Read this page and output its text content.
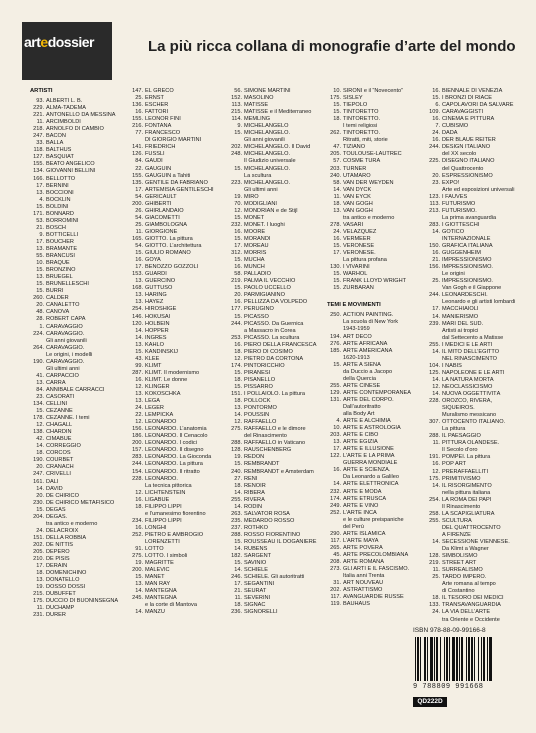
artedossier	La più ricca collana di monografie d’arte del mondo
ARTISTI
93. ALBERTI L. B.
229. ALMA-TADEMA
221. ANTONELLO DA MESSINA
11. ARCIMBOLDI
218. ARNOLFO DI CAMBIO
247. BACON
33. BALLA
118. BALTHUS
127. BASQUIAT
155. BEATO ANGELICO
134. GIOVANNI BELLINI
166. BELLOTTO
17. BERNINI
13. BOCCIONI
4. BÖCKLIN
15. BOLDINI
171. BONNARD
53. BORROMINI
21. BOSCH
9. BOTTICELLI
17. BOUCHER
13. BRAMANTE
55. BRANCUSI
10. BRAQUE
15. BRONZINO
13. BRUEGEL
15. BRUNELLESCHI
15. BURRI
260. CALDER
20. CANALETTO
48. CANOVA
28. ROBERT CAPA
1. CARAVAGGIO
224. CARAVAGGIO.
Gli anni giovanili
264. CARAVAGGIO.
Le origini, i modelli
190. CARAVAGGIO.
Gli ultimi anni
41. CARPACCIO
13. CARRÀ
84. ANNIBALE CARRACCI
23. CASORATI
134. CELLINI
15. CÉZANNE
178. CÉZANNE. I temi
12. CHAGALL
138. CHARDIN
42. CIMABUE
14. CORREGGIO
18. CORCOS
190. COURBET
20. CRANACH
247. CRIVELLI
161. DALÍ
14. DAVID
20. DE CHIRICO
230. DE CHIRICO METAFISICO
15. DEGAS
204. DEGAS.
tra antico e moderno
24. DELACROIX
151. DELLA ROBBIA
202. DE NITTIS
205. DEPERO
210. DE PISIS
17. DERAIN
18. DOMENICHINO
13. DONATELLO
19. DOSSO DOSSI
215. DUBUFFET
175. DUCCIO DI BUONINSEGNA
11. DUCHAMP
231. DÜRER
147. EL GRECO
25. ERNST
136. ESCHER
16. FATTORI
155. LEONOR FINI
216. FONTANA
77. FRANCESCO
DI GIORGIO MARTINI
141. FRIEDRICH
126. FÜSSLI
84. GAUDÍ
22. GAUGUIN
155. GAUGUIN a Tahiti
135. GENTILE DA FABRIANO
17. ARTEMISIA GENTILESCHI
54. GÉRICAULT
200. GHIBERTI
26. GHIRLANDAIO
54. GIACOMETTI
25. GIAMBOLOGNA
11. GIORGIONE
165. GIOTTO. La pittura
54. GIOTTO. L’architettura
15. GIULIO ROMANO
16. GOYA
17. BENOZZO GOZZOLI
153. GUARDI
13. GUERCINO
168. GUTTUSO
13. HARING
13. HAYEZ
254. HIROSHIGE
146. HOKUSAI
120. HOLBEIN
14. HOPPER
14. INGRES
13. KAHLO
15. KANDINSKIJ
43. KLEE
99. KLIMT
287. KLIMT. Il modernismo
16. KLIMT. Le donne
12. KLINGER
13. KOKOSCHKA
13. LEGA
24. LÉGER
22. LEMPICKA
12. LEONARDO
156. LEONARDO. L’anatomia
186. LEONARDO. Il Cenacolo
200. LEONARDO. I codici
157. LEONARDO. Il disegno
283. LEONARDO. La Gioconda
244. LEONARDO. La pittura
154. LEONARDO. Il ritratto
228. LEONARDO.
La tecnica pittorica
12. LICHTENSTEIN
16. LIGABUE
18. FILIPPO LIPPI
e l’umanesimo fiorentino
234. FILIPPO LIPPI
16. LONGHI
252. PIETRO E AMBROGIO
LORENZETTI
91. LOTTO
275. LOTTO. I simboli
19. MAGRITTE
200. MALEVIČ
15. MANET
13. MAN RAY
14. MANTEGNA
245. MANTEGNA
e la corte di Mantova
14. MANZÙ
56. SIMONE MARTINI
152. MASOLINO
113. MATISSE
215. MATISSE e il Mediterraneo
114. MEMLING
9. MICHELANGELO
15. MICHELANGELO.
Gli anni giovanili
202. MICHELANGELO. Il David
248. MICHELANGELO.
Il Giudizio universale
15. MICHELANGELO.
La scultura
223. MICHELANGELO.
Gli ultimi anni
19. MIRÓ
70. MODIGLIANI
12. MONDRIAN e de Stijl
15. MONET
232. MONET. I luoghi
16. MOORE
15. MORANDI
17. MOREAU
312. MORRIS
15. MUCHA
16. MUNCH
58. PALLADIO
219. PALMA IL VECCHIO
15. PAOLO UCCELLO
20. PARMIGIANINO
16. PELLIZZA DA VOLPEDO
177. PERUGINO
15. PICASSO
244. PICASSO. Da Guernica
a Massacro in Corea
253. PICASSO. La scultura
16. PIERO DELLA FRANCESCA
18. PIERO DI COSIMO
12. PIETRO DA CORTONA
174. PINTORICCHIO
15. PIRANESI
18. PISANELLO
15. PISSARRO
151. I POLLAIOLO. La pittura
18. POLLOCK
13. PONTORMO
14. POUSSIN
12. RAFFAELLO
275. RAFFAELLO e le dimore
del Rinascimento
288. RAFFAELLO in Vaticano
128. RAUSCHENBERG
19. REDON
15. REMBRANDT
240. REMBRANDT e Amsterdam
27. RENI
18. RENOIR
14. RIBERA
255. RIVERA
14. RODIN
263. SALVATOR ROSA
235. MEDARDO ROSSO
237. ROTHKO
288. ROSSO FIORENTINO
15. ROUSSEAU IL DOGANIERE
14. RUBENS
182. SARGENT
15. SAVINIO
14. SCHIELE
246. SCHIELE. Gli autoritratti
17. SEGANTINI
21. SEURAT
11. SEVERINI
18. SIGNAC
236. SIGNORELLI
10. SIRONI e il “Novecento”
175. SISLEY
15. TIEPOLO
15. TINTORETTO
18. TINTORETTO.
I temi religiosi
262. TINTORETTO.
Ritratti, miti, storie
47. TIZIANO
205. TOULOUSE-LAUTREC
57. COSMÈ TURA
203. TURNER
240. UTAMARO
58. VAN DER WEYDEN
14. VAN DYCK
11. VAN EYCK
18. VAN GOGH
13. VAN GOGH
tra antico e moderno
278. VASARI
24. VELÁZQUEZ
16. VERMEER
15. VERONESE
17. VERONESE.
La pittura profana
130. I VIVARINI
15. WARHOL
15. FRANK LLOYD WRIGHT
15. ZURBARÁN
TEMI E MOVIMENTI
250. ACTION PAINTING.
La scuola di New York
1943-1959
194. ART DÉCO
276. ARTE AFRICANA
185. ARTE AMERICANA
1620-1913
15. ARTE A SIENA
da Duccio a Jacopo
della Quercia
255. ARTE CINESE
129. ARTE CONTEMPORANEA
131. ARTE DEL CORPO.
Dall’autoritratto
alla Body Art
4. ARTE E ALCHIMIA
10. ARTE E ASTROLOGIA
203. ARTE E CIBO
13. ARTE EGIZIA
17. ARTE E ILLUSIONE
122. L’ARTE E LA PRIMA
GUERRA MONDIALE
16. ARTE E SCIENZA.
Da Leonardo a Galileo
14. ARTE ELETTRONICA
232. ARTE E MODA
174. ARTE ETRUSCA
249. ARTE E VINO
252. L’ARTE INCA
e le culture preispaniche
del Perù
290. ARTE ISLAMICA
117. L’ARTE MAYA
265. ARTE POVERA
45. ARTE PRECOLOMBIANA
208. ARTE ROMANA
273. GLI ARTI E IL FASCISMO.
Italia anni Trenta
31. ART NOUVEAU
202. ASTRATTISMO
117. AVANGUARDIE RUSSE
119. BAUHAUS
16. BIENNALE DI VENEZIA
15. I BRONZI DI RIACE
6. CAPOLAVORI DA SALVARE
109. CARAVAGGISTI
16. CINEMA E PITTURA
7. CUBISMO
24. DADA
16. DER BLAUE REITER
244. DESIGN ITALIANO
del XX secolo
225. DISEGNO ITALIANO
del Quattrocento
20. ESPRESSIONISMO
23. EXPO!
Arte ed esposizioni universali
123. I FAUVES
113. FUTURISMO
213. FUTURISMO.
La prima avanguardia
283. I GIOTTESCHI
14. GOTICO
INTERNAZIONALE
150. GRAFICA ITALIANA
16. GUGGENHEIM
21. IMPRESSIONISMO
156. IMPRESSIONISMO.
Le origini
25. IMPRESSIONISMO.
Van Gogh e il Giappone
244. LEONARDESCHI.
Leonardo e gli artisti lombardi
17. MACCHIAIOLI
14. MANIERISMO
239. MARI DEL SUD.
Artisti ai tropici
dal Settecento a Matisse
255. I MEDICI E LE ARTI
14. IL MITO DELL’EGITTO
NEL RINASCIMENTO
104. I NABIS
125. NAPOLEONE E LE ARTI
14. LA NATURA MORTA
12. NEOCLASSICISMO
14. NUOVA OGGETTIVITÀ
228. OROZCO, RIVERA,
SIQUEIROS.
Muralismo messicano
307. OTTOCENTO ITALIANO.
La pittura
288. IL PAESAGGIO
11. PITTURA OLANDESE.
Il Secolo d’oro
191. POMPEI. La pittura
16. POP ART
12. PRERAFFAELLITI
175. PRIMITIVISMO
14. IL RISORGIMENTO
nella pittura italiana
254. LA ROMA DEI PAPI
Il Rinascimento
258. LA SCAPIGLIATURA
255. SCULTURA
DEL QUATTROCENTO
A FIRENZE
14. SECESSIONE VIENNESE.
Da Klimt a Wagner
128. SIMBOLISMO
219. STREET ART
11. SURREALISMO
25. TARDO IMPERO.
Arte romana al tempo
di Costantino
18. IL TESORO DEI MEDICI
133. TRANSAVANGUARDIA
24. LA VIA DELL’ARTE
tra Oriente e Occidente
ISBN 978-88-09-99166-8
9 788809 991668
QD222D
